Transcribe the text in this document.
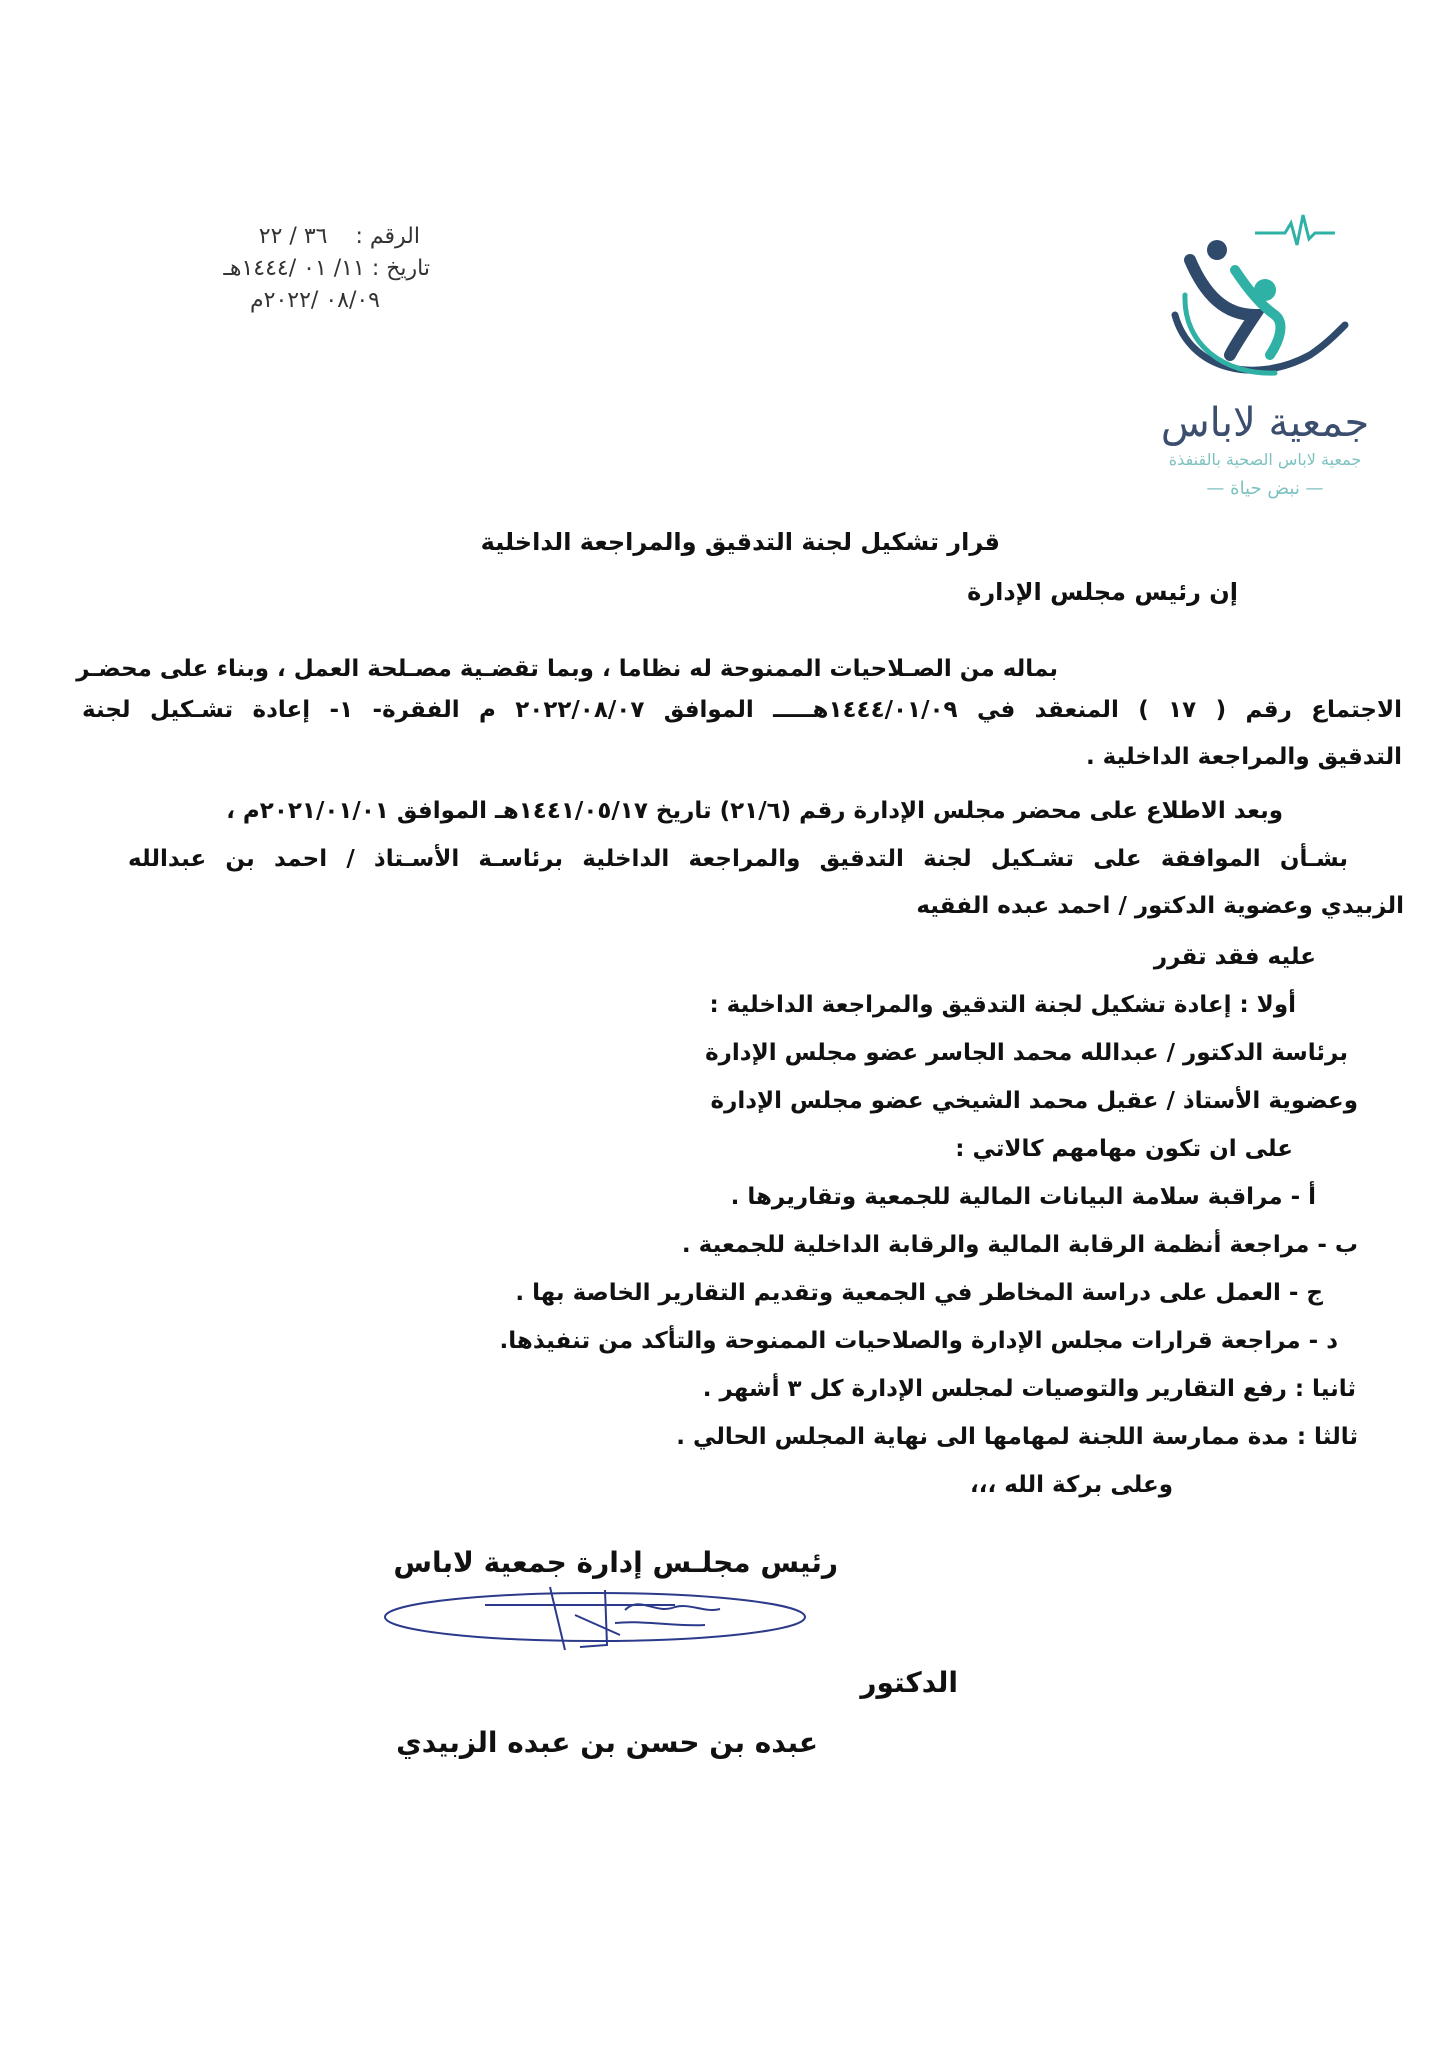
الرقم :    ٣٦ / ٢٢
تاريخ : ١١/ ٠١ /١٤٤٤هـ
٠٨/٠٩ /٢٠٢٢م
جمعية لاباس
جمعية لاباس الصحية بالقنفذة
— نبض حياة —
قرار تشكيل لجنة التدقيق والمراجعة الداخلية
إن رئيس مجلس الإدارة
بماله من الصـلاحيات الممنوحة له نظاما ، وبما تقضـية مصـلحة العمل ، وبناء على محضـر
الاجتماع رقم ( ١٧ ) المنعقد في ١٤٤٤/٠١/٠٩هـــــ الموافق ٢٠٢٢/٠٨/٠٧ م الفقرة- ١- إعادة تشـكيل لجنة
التدقيق والمراجعة الداخلية .
وبعد الاطلاع على محضر مجلس الإدارة رقم (٢١/٦) تاريخ ١٤٤١/٠٥/١٧هـ الموافق ٢٠٢١/٠١/٠١م ،
بشـأن الموافقة على تشـكيل لجنة التدقيق والمراجعة الداخلية برئاسـة الأسـتاذ / احمد بن عبدالله
الزبيدي وعضوية الدكتور / احمد عبده الفقيه
عليه فقد تقرر
أولا : إعادة تشكيل لجنة التدقيق والمراجعة الداخلية :
برئاسة الدكتور / عبدالله محمد الجاسر عضو مجلس الإدارة
وعضوية الأستاذ / عقيل محمد الشيخي عضو مجلس الإدارة
على ان تكون مهامهم كالاتي :
أ - مراقبة سلامة البيانات المالية للجمعية وتقاريرها .
ب - مراجعة أنظمة الرقابة المالية والرقابة الداخلية للجمعية .
ج - العمل على دراسة المخاطر في الجمعية وتقديم التقارير الخاصة بها .
د - مراجعة قرارات مجلس الإدارة والصلاحيات الممنوحة والتأكد من تنفيذها.
ثانيا : رفع التقارير والتوصيات لمجلس الإدارة كل ٣ أشهر .
ثالثا : مدة ممارسة اللجنة لمهامها الى نهاية المجلس الحالي .
وعلى بركة الله ،،،
رئيس مجلـس إدارة جمعية لاباس
الدكتور
عبده بن حسن بن عبده الزبيدي
